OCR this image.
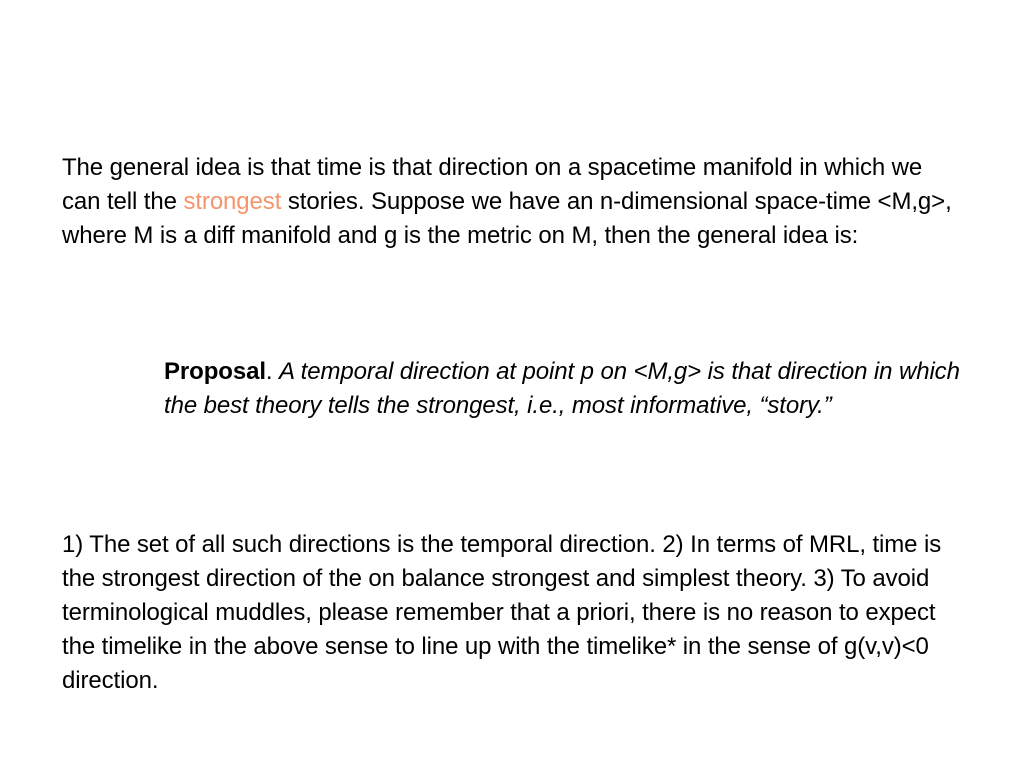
The general idea is that time is that direction on a spacetime manifold in which we can tell the strongest stories. Suppose we have an n-dimensional space-time <M,g>, where M is a diff manifold and g is the metric on M, then the general idea is:

Proposal. A temporal direction at point p on <M,g> is that direction in which the best theory tells the strongest, i.e., most informative, “story.”

1) The set of all such directions is the temporal direction. 2) In terms of MRL, time is the strongest direction of the on balance strongest and simplest theory. 3) To avoid terminological muddles, please remember that a priori, there is no reason to expect the timelike in the above sense to line up with the timelike* in the sense of g(v,v)<0 direction.
